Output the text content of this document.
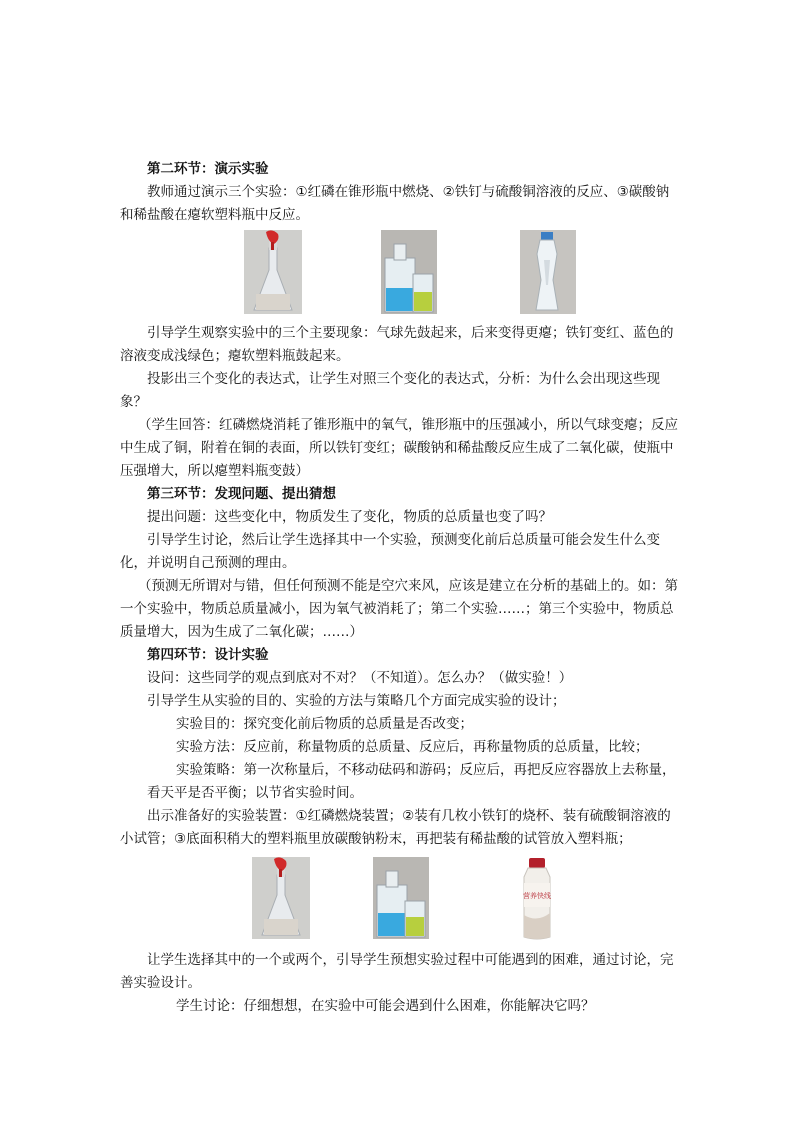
第二环节：演示实验

教师通过演示三个实验：①红磷在锥形瓶中燃烧、②铁钉与硫酸铜溶液的反应、③碳酸钠和稀盐酸在瘪软塑料瓶中反应。

引导学生观察实验中的三个主要现象：气球先鼓起来，后来变得更瘪；铁钉变红、蓝色的溶液变成浅绿色；瘪软塑料瓶鼓起来。

投影出三个变化的表达式，让学生对照三个变化的表达式，分析：为什么会出现这些现象？

（学生回答：红磷燃烧消耗了锥形瓶中的氧气，锥形瓶中的压强减小，所以气球变瘪；反应中生成了铜，附着在铜的表面，所以铁钉变红；碳酸钠和稀盐酸反应生成了二氧化碳，使瓶中压强增大，所以瘪塑料瓶变鼓）

第三环节：发现问题、提出猜想

提出问题：这些变化中，物质发生了变化，物质的总质量也变了吗？

引导学生讨论，然后让学生选择其中一个实验，预测变化前后总质量可能会发生什么变化，并说明自己预测的理由。

（预测无所谓对与错，但任何预测不能是空穴来风，应该是建立在分析的基础上的。如：第一个实验中，物质总质量减小，因为氧气被消耗了；第二个实验……；第三个实验中，物质总质量增大，因为生成了二氧化碳；……）

第四环节：设计实验

设问：这些同学的观点到底对不对？（不知道）。怎么办？（做实验！）

引导学生从实验的目的、实验的方法与策略几个方面完成实验的设计；

实验目的：探究变化前后物质的总质量是否改变；

实验方法：反应前，称量物质的总质量、反应后，再称量物质的总质量，比较；

实验策略：第一次称量后，不移动砝码和游码；反应后，再把反应容器放上去称量，

看天平是否平衡；以节省实验时间。

出示准备好的实验装置：①红磷燃烧装置；②装有几枚小铁钉的烧杯、装有硫酸铜溶液的小试管；③底面积稍大的塑料瓶里放碳酸钠粉末，再把装有稀盐酸的试管放入塑料瓶；

营养快线

让学生选择其中的一个或两个，引导学生预想实验过程中可能遇到的困难，通过讨论，完善实验设计。

学生讨论：仔细想想，在实验中可能会遇到什么困难，你能解决它吗？
